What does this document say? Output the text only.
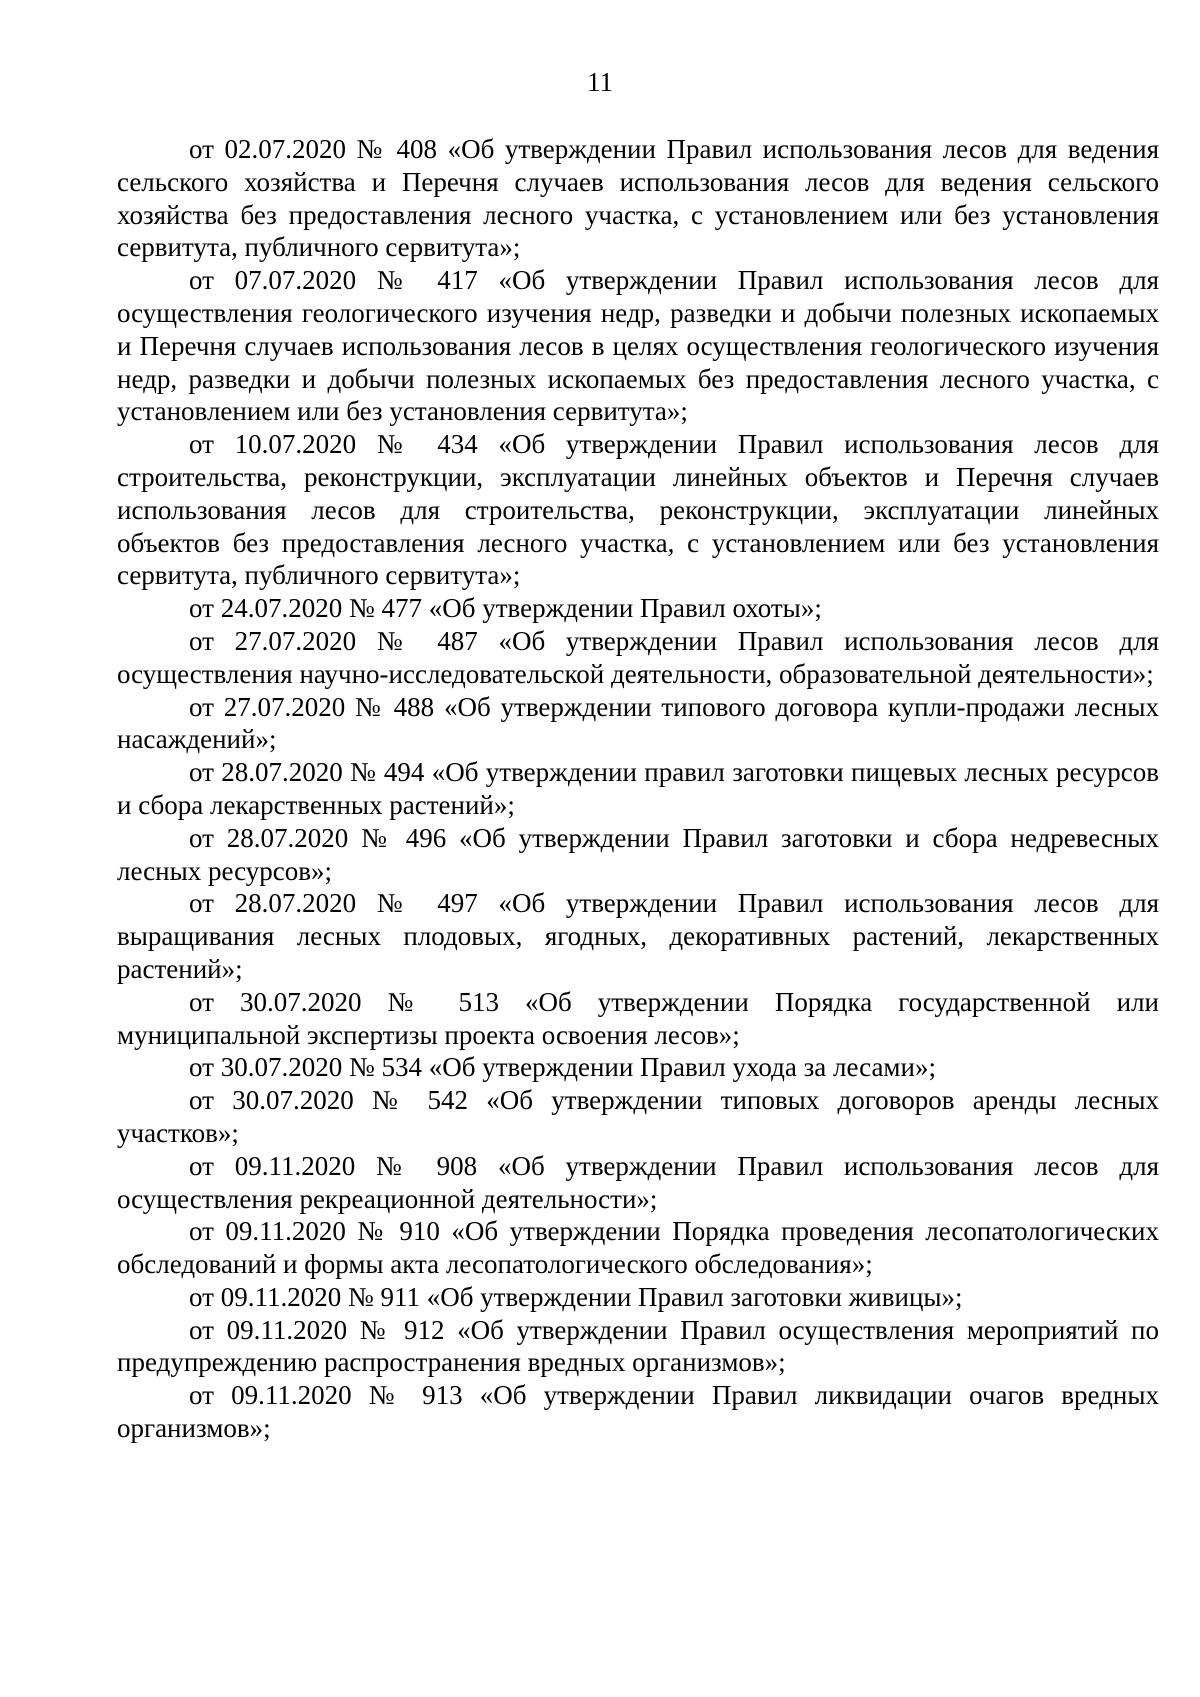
11

от 02.07.2020 № 408 «Об утверждении Правил использования лесов для ведения сельского хозяйства и Перечня случаев использования лесов для ведения сельского хозяйства без предоставления лесного участка, с установлением или без установления сервитута, публичного сервитута»;

от 07.07.2020 № 417 «Об утверждении Правил использования лесов для осуществления геологического изучения недр, разведки и добычи полезных ископаемых и Перечня случаев использования лесов в целях осуществления геологического изучения недр, разведки и добычи полезных ископаемых без предоставления лесного участка, с установлением или без установления сервитута»;

от 10.07.2020 № 434 «Об утверждении Правил использования лесов для строительства, реконструкции, эксплуатации линейных объектов и Перечня случаев использования лесов для строительства, реконструкции, эксплуатации линейных объектов без предоставления лесного участка, с установлением или без установления сервитута, публичного сервитута»;

от 24.07.2020 № 477 «Об утверждении Правил охоты»;

от 27.07.2020 № 487 «Об утверждении Правил использования лесов для осуществления научно-исследовательской деятельности, образовательной деятельности»;

от 27.07.2020 № 488 «Об утверждении типового договора купли-продажи лесных насаждений»;

от 28.07.2020 № 494 «Об утверждении правил заготовки пищевых лесных ресурсов и сбора лекарственных растений»;

от 28.07.2020 № 496 «Об утверждении Правил заготовки и сбора недревесных лесных ресурсов»;

от 28.07.2020 № 497 «Об утверждении Правил использования лесов для выращивания лесных плодовых, ягодных, декоративных растений, лекарственных растений»;

от 30.07.2020 № 513 «Об утверждении Порядка государственной или муниципальной экспертизы проекта освоения лесов»;

от 30.07.2020 № 534 «Об утверждении Правил ухода за лесами»;

от 30.07.2020 № 542 «Об утверждении типовых договоров аренды лесных участков»;

от 09.11.2020 № 908 «Об утверждении Правил использования лесов для осуществления рекреационной деятельности»;

от 09.11.2020 № 910 «Об утверждении Порядка проведения лесопатологических обследований и формы акта лесопатологического обследования»;

от 09.11.2020 № 911 «Об утверждении Правил заготовки живицы»;

от 09.11.2020 № 912 «Об утверждении Правил осуществления мероприятий по предупреждению распространения вредных организмов»;

от 09.11.2020 № 913 «Об утверждении Правил ликвидации очагов вредных организмов»;
